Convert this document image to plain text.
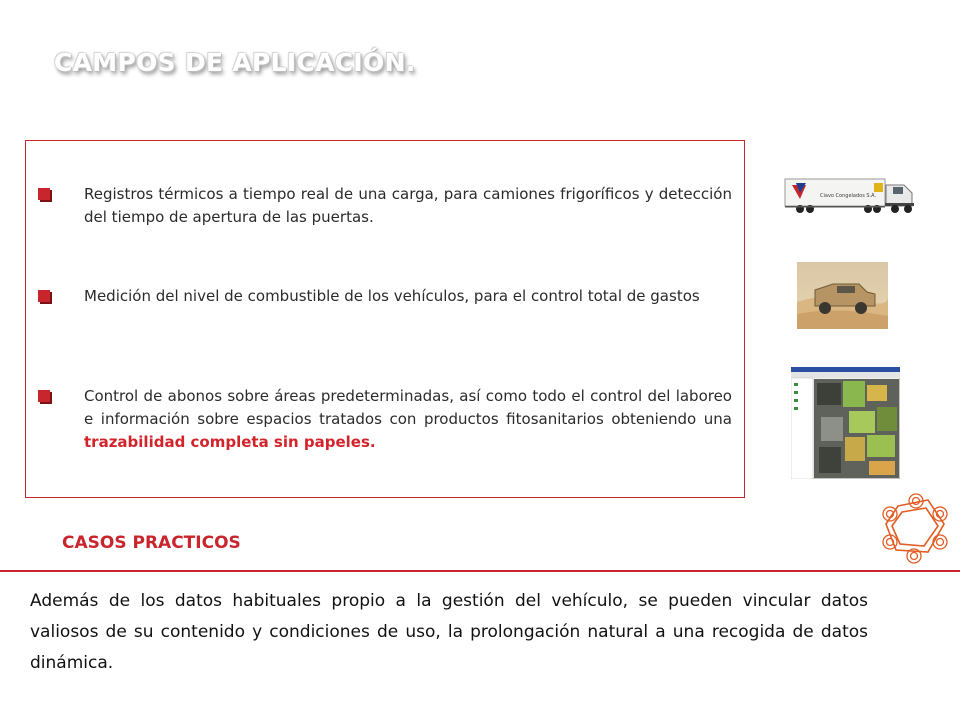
CAMPOS DE APLICACIÓN.
Registros térmicos a tiempo real de una carga, para camiones frigoríficos y detección del tiempo de apertura de las puertas.
Medición del nivel de combustible de los vehículos, para el control total de gastos
Control de abonos sobre áreas predeterminadas, así como todo el control del laboreo e información sobre espacios tratados con productos fitosanitarios obteniendo una trazabilidad completa sin papeles.
Ciavo Congelados S.A.
CASOS PRACTICOS
Además de los datos habituales propio a la gestión del vehículo, se pueden vincular datos valiosos de su contenido y condiciones de uso, la prolongación natural a una recogida de datos dinámica.
